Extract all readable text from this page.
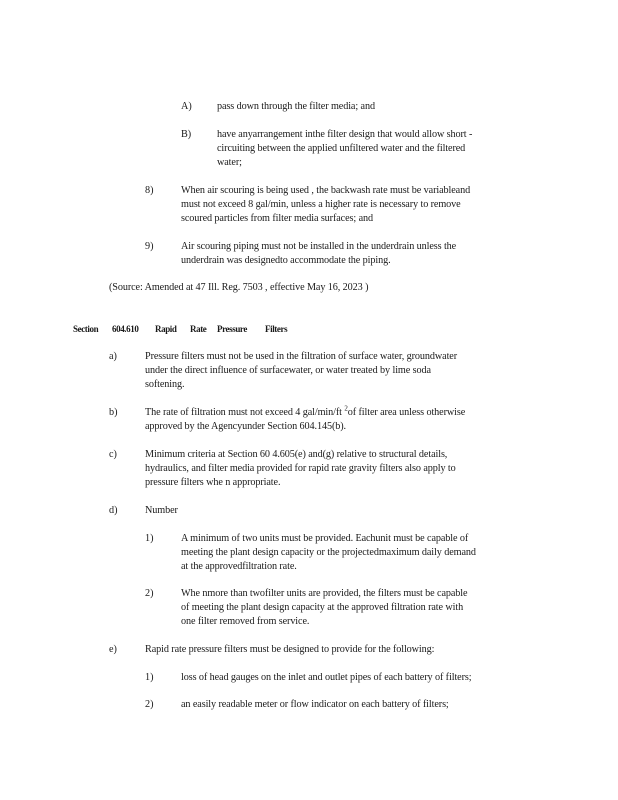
A) pass down through the filter media; and
B)	have anyarrangement inthe filter design that would allow short -
circuiting between the applied unfiltered water and the filtered
water;
8)	When air scouring is being used , the backwash rate must be variableand
must not exceed 8 gal/min, unless a higher rate is necessary to remove
scoured particles from filter media surfaces; and
9)	Air scouring piping must not be installed in the underdrain unless the
underdrain was designedto accommodate the piping.
(Source: Amended at 47 Ill. Reg. 7503 , effective May 16, 2023 )
Section 604.610 Rapid Rate Pressure Filters
a)	Pressure filters must not be used in the filtration of surface water, groundwater
under the direct influence of surfacewater, or water treated by lime soda
softening.
b)	The rate of filtration must not exceed 4 gal/min/ft $^2$of filter area unless otherwise
approved by the Agencyunder Section 604.145(b).
c)	Minimum criteria at Section 60 4.605(e) and(g) relative to structural details,
hydraulics, and filter media provided for rapid rate gravity filters also apply to
pressure filters whe n appropriate.
d)	Number
1)	A minimum of two units must be provided. Eachunit must be capable of
meeting the plant design capacity or the projectedmaximum daily demand
at the approvedfiltration rate.
2)	Whe nmore than twofilter units are provided, the filters must be capable
of meeting the plant design capacity at the approved filtration rate with
one filter removed from service.
e)	Rapid rate pressure filters must be designed to provide for the following:
1)	loss of head gauges on the inlet and outlet pipes of each battery of filters;
2)	an easily readable meter or flow indicator on each battery of filters;
